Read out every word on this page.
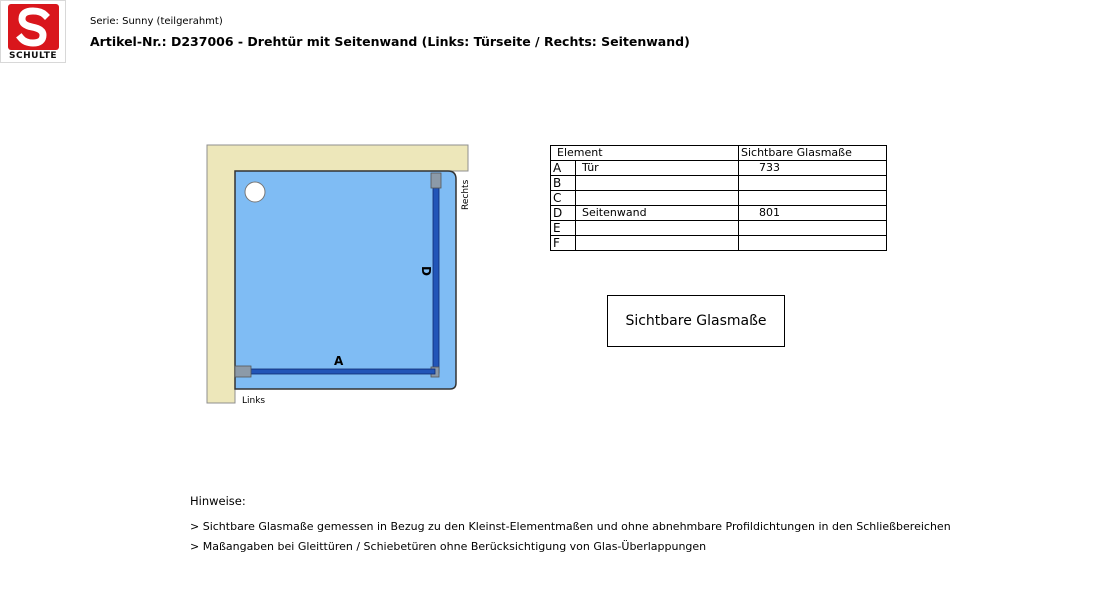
SCHULTE
Serie: Sunny (teilgerahmt)
Artikel-Nr.: D237006 - Drehtür mit Seitenwand (Links: Türseite / Rechts: Seitenwand)
A
D
Rechts
Links
Element		Sichtbare Glasmaße
A	Tür	733
B		
C		
D	Seitenwand	801
E		
F		
Sichtbare Glasmaße
Hinweise:
> Sichtbare Glasmaße gemessen in Bezug zu den Kleinst-Elementmaßen und ohne abnehmbare Profildichtungen in den Schließbereichen
> Maßangaben bei Gleittüren / Schiebetüren ohne Berücksichtigung von Glas-Überlappungen
